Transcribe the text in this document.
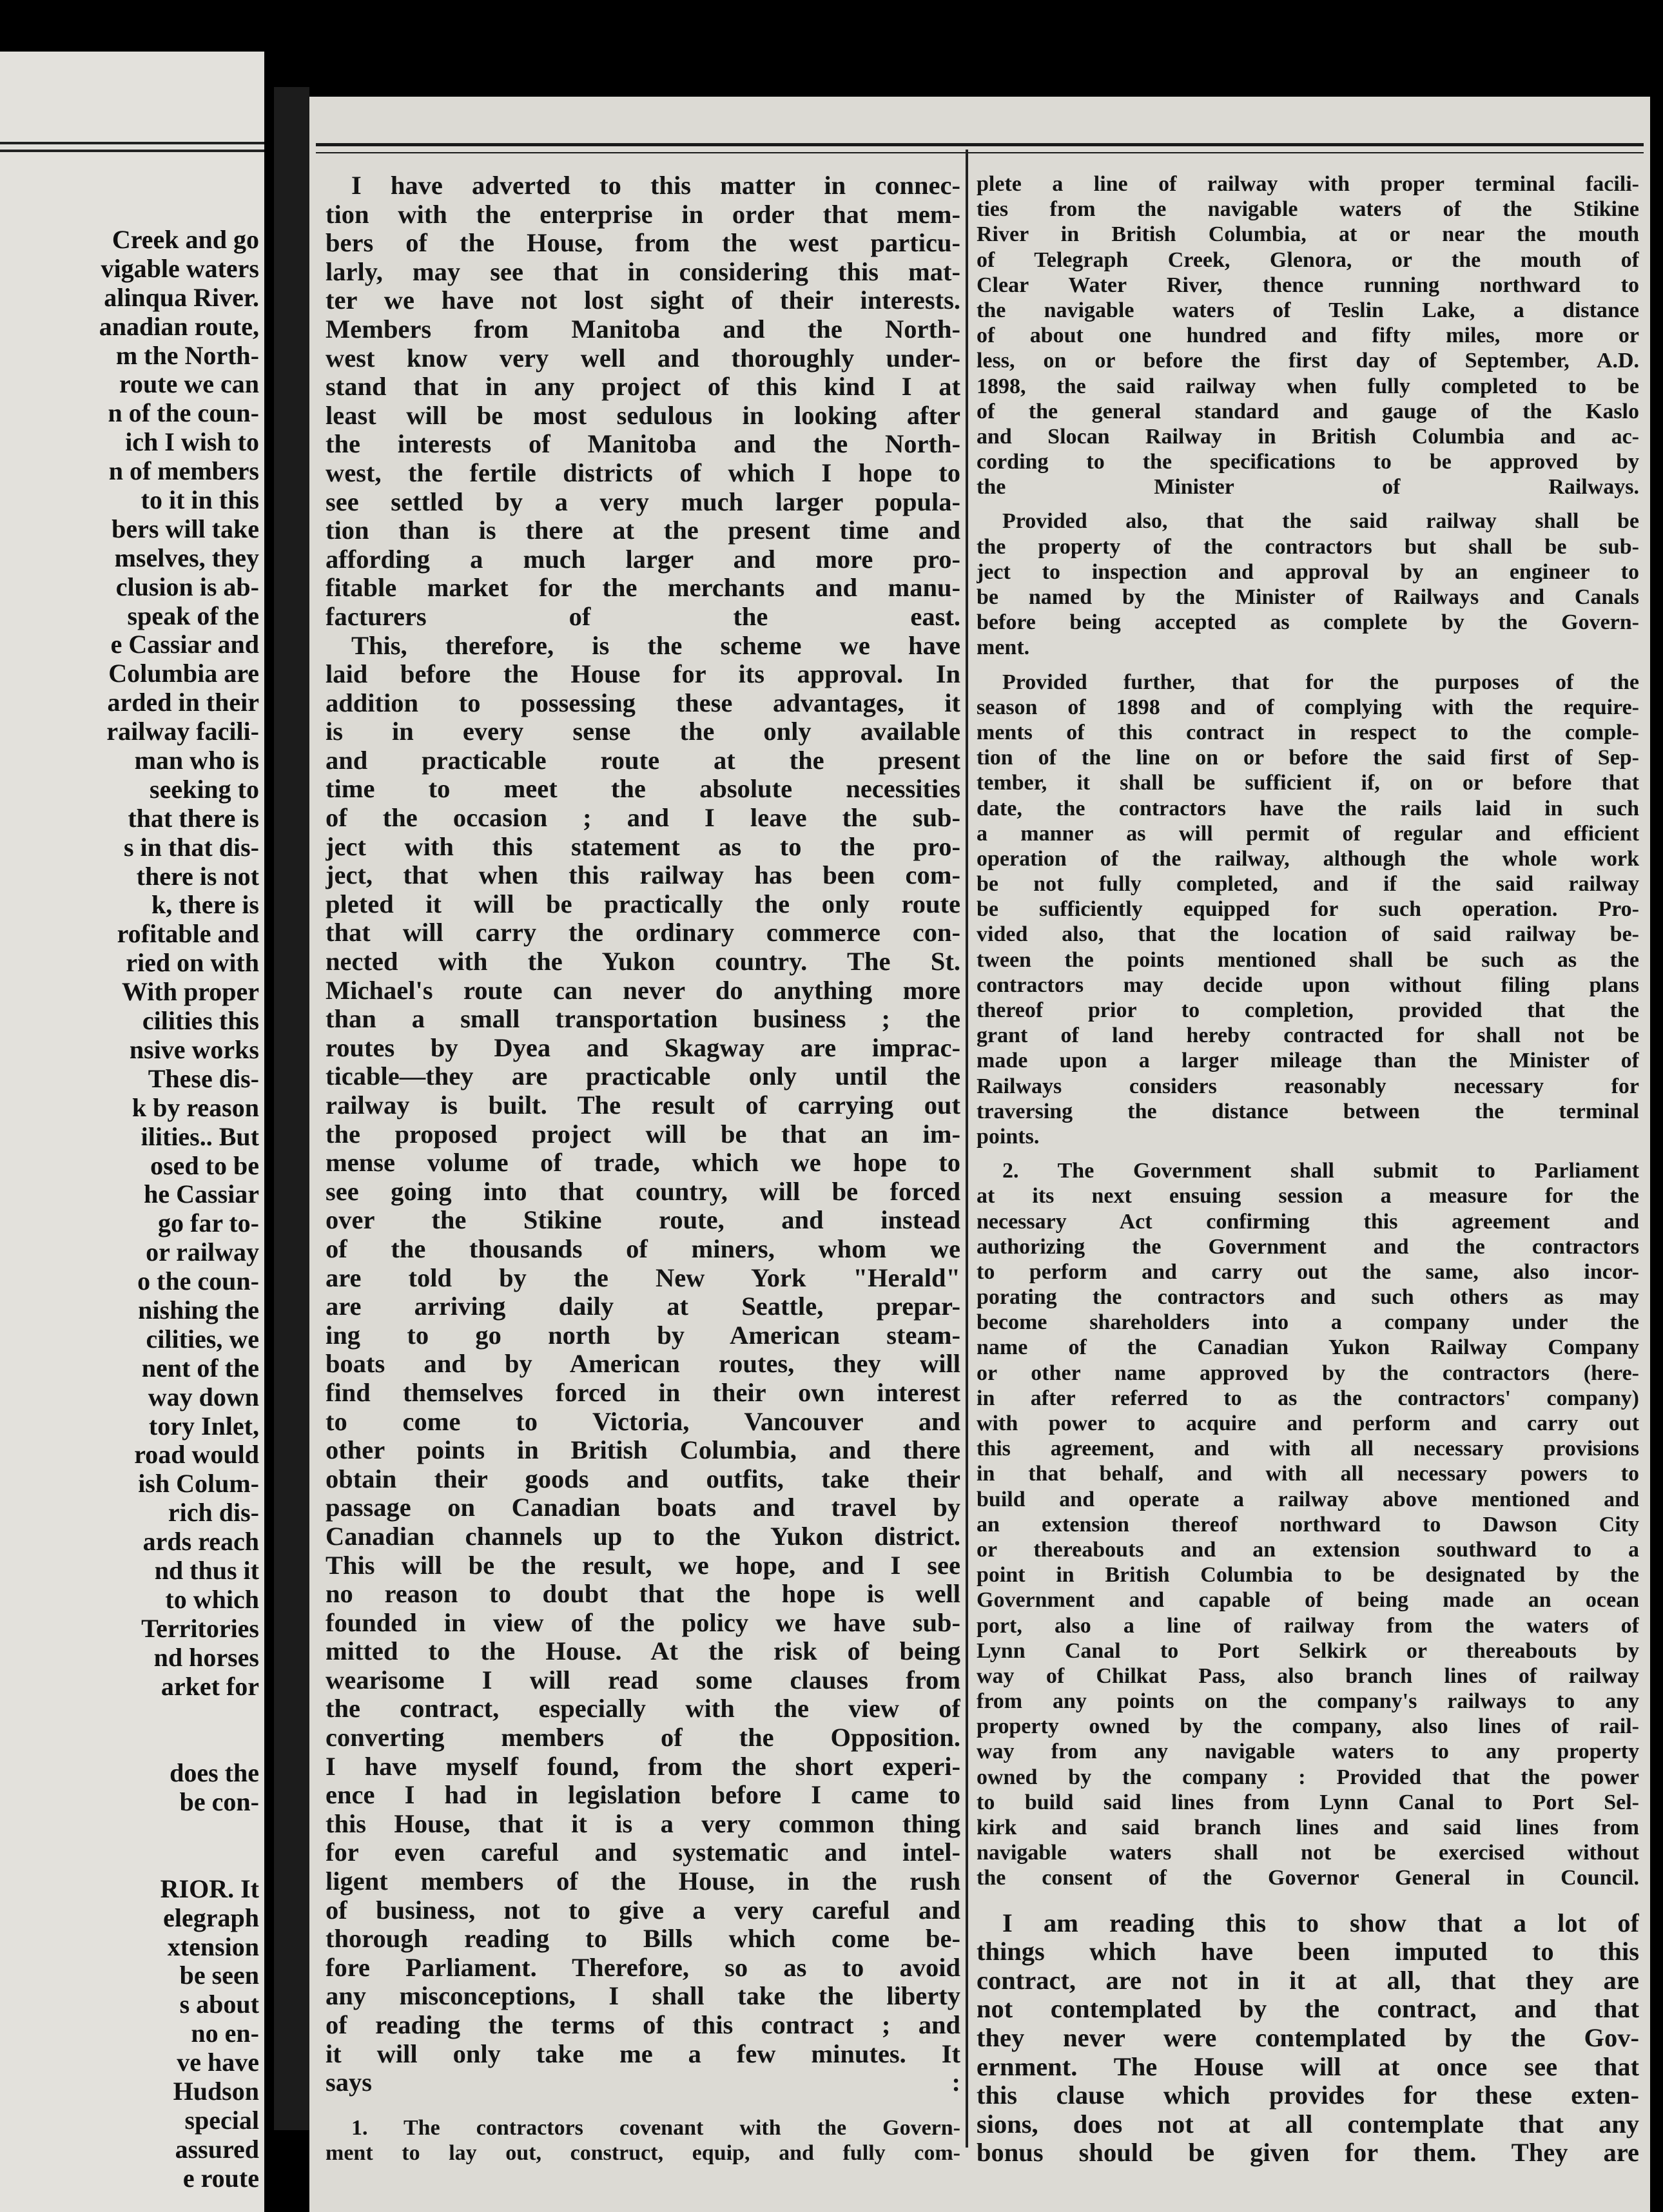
Creek and go
vigable waters
alinqua River.
anadian route,
m the North-
route we can
n of the coun-
ich I wish to
n of members
to it in this
bers will take
mselves, they
clusion is ab-
speak of the
e Cassiar and
Columbia are
arded in their
railway facili-
man who is
seeking to
that there is
s in that dis-
there is not
k, there is
rofitable and
ried on with
With proper
cilities this
nsive works
These dis-
k by reason
ilities.. But
osed to be
he Cassiar
go far to-
or railway
o the coun-
nishing the
cilities, we
nent of the
way down
tory Inlet,
road would
ish Colum-
rich dis-
ards reach
nd thus it
to which
Territories
nd horses
arket for
does the
be con-
RIOR. It
elegraph
xtension
be seen
s about
no en-
ve have
Hudson
special
assured
e route

I have adverted to this matter in connec-
tion with the enterprise in order that mem-
bers of the House, from the west particu-
larly, may see that in considering this mat-
ter we have not lost sight of their interests.
Members from Manitoba and the North-
west know very well and thoroughly under-
stand that in any project of this kind I at
least will be most sedulous in looking after
the interests of Manitoba and the North-
west, the fertile districts of which I hope to
see settled by a very much larger popula-
tion than is there at the present time and
affording a much larger and more pro-
fitable market for the merchants and manu-
facturers of the east.

This, therefore, is the scheme we have
laid before the House for its approval. In
addition to possessing these advantages, it
is in every sense the only available
and practicable route at the present
time to meet the absolute necessities
of the occasion ; and I leave the sub-
ject with this statement as to the pro-
ject, that when this railway has been com-
pleted it will be practically the only route
that will carry the ordinary commerce con-
nected with the Yukon country. The St.
Michael's route can never do anything more
than a small transportation business ; the
routes by Dyea and Skagway are imprac-
ticable—they are practicable only until the
railway is built. The result of carrying out
the proposed project will be that an im-
mense volume of trade, which we hope to
see going into that country, will be forced
over the Stikine route, and instead
of the thousands of miners, whom we
are told by the New York "Herald"
are arriving daily at Seattle, prepar-
ing to go north by American steam-
boats and by American routes, they will
find themselves forced in their own interest
to come to Victoria, Vancouver and
other points in British Columbia, and there
obtain their goods and outfits, take their
passage on Canadian boats and travel by
Canadian channels up to the Yukon district.
This will be the result, we hope, and I see
no reason to doubt that the hope is well
founded in view of the policy we have sub-
mitted to the House. At the risk of being
wearisome I will read some clauses from
the contract, especially with the view of
converting members of the Opposition.
I have myself found, from the short experi-
ence I had in legislation before I came to
this House, that it is a very common thing
for even careful and systematic and intel-
ligent members of the House, in the rush
of business, not to give a very careful and
thorough reading to Bills which come be-
fore Parliament. Therefore, so as to avoid
any misconceptions, I shall take the liberty
of reading the terms of this contract ; and
it will only take me a few minutes. It
says :

1. The contractors covenant with the Govern-
ment to lay out, construct, equip, and fully com-

plete a line of railway with proper terminal facili-
ties from the navigable waters of the Stikine
River in British Columbia, at or near the mouth
of Telegraph Creek, Glenora, or the mouth of
Clear Water River, thence running northward to
the navigable waters of Teslin Lake, a distance
of about one hundred and fifty miles, more or
less, on or before the first day of September, A.D.
1898, the said railway when fully completed to be
of the general standard and gauge of the Kaslo
and Slocan Railway in British Columbia and ac-
cording to the specifications to be approved by
the Minister of Railways.

Provided also, that the said railway shall be
the property of the contractors but shall be sub-
ject to inspection and approval by an engineer to
be named by the Minister of Railways and Canals
before being accepted as complete by the Govern-
ment.

Provided further, that for the purposes of the
season of 1898 and of complying with the require-
ments of this contract in respect to the comple-
tion of the line on or before the said first of Sep-
tember, it shall be sufficient if, on or before that
date, the contractors have the rails laid in such
a manner as will permit of regular and efficient
operation of the railway, although the whole work
be not fully completed, and if the said railway
be sufficiently equipped for such operation. Pro-
vided also, that the location of said railway be-
tween the points mentioned shall be such as the
contractors may decide upon without filing plans
thereof prior to completion, provided that the
grant of land hereby contracted for shall not be
made upon a larger mileage than the Minister of
Railways considers reasonably necessary for
traversing the distance between the terminal
points.

2. The Government shall submit to Parliament
at its next ensuing session a measure for the
necessary Act confirming this agreement and
authorizing the Government and the contractors
to perform and carry out the same, also incor-
porating the contractors and such others as may
become shareholders into a company under the
name of the Canadian Yukon Railway Company
or other name approved by the contractors (here-
in after referred to as the contractors' company)
with power to acquire and perform and carry out
this agreement, and with all necessary provisions
in that behalf, and with all necessary powers to
build and operate a railway above mentioned and
an extension thereof northward to Dawson City
or thereabouts and an extension southward to a
point in British Columbia to be designated by the
Government and capable of being made an ocean
port, also a line of railway from the waters of
Lynn Canal to Port Selkirk or thereabouts by
way of Chilkat Pass, also branch lines of railway
from any points on the company's railways to any
property owned by the company, also lines of rail-
way from any navigable waters to any property
owned by the company : Provided that the power
to build said lines from Lynn Canal to Port Sel-
kirk and said branch lines and said lines from
navigable waters shall not be exercised without
the consent of the Governor General in Council.

I am reading this to show that a lot of
things which have been imputed to this
contract, are not in it at all, that they are
not contemplated by the contract, and that
they never were contemplated by the Gov-
ernment. The House will at once see that
this clause which provides for these exten-
sions, does not at all contemplate that any
bonus should be given for them. They are
